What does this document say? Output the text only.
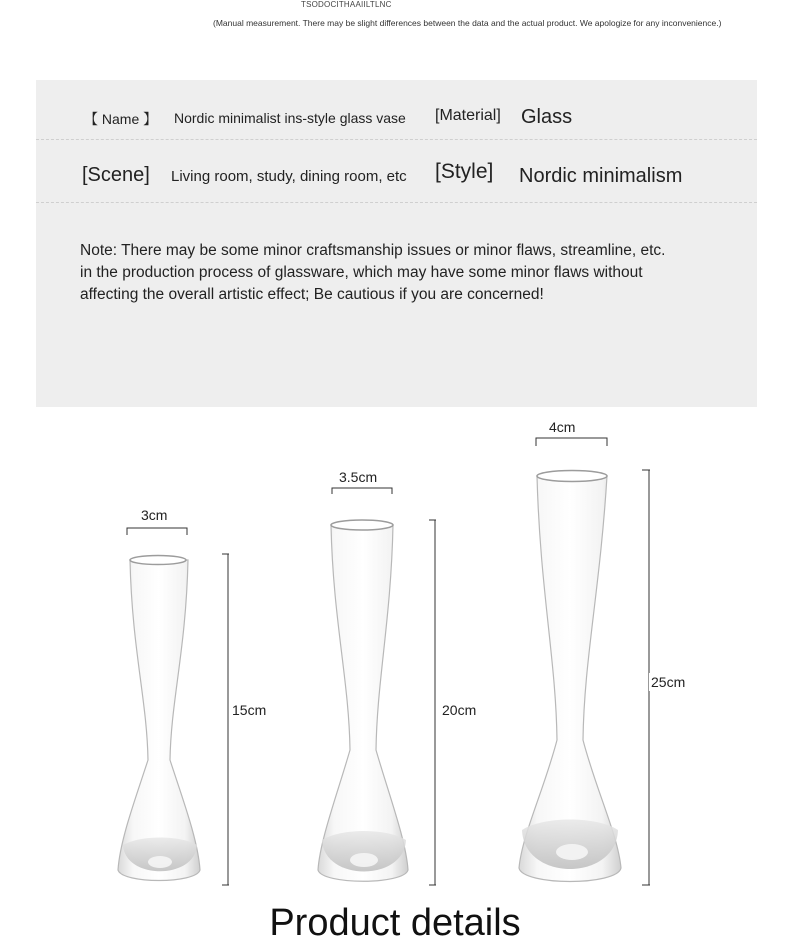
TSODOCITHAAIILTLNC
(Manual measurement. There may be slight differences between the data and the actual product. We apologize for any inconvenience.)
【 Name 】 Nordic minimalist ins-style glass vase [Material] Glass
[Scene] Living room, study, dining room, etc [Style] Nordic minimalism
Note: There may be some minor craftsmanship issues or minor flaws, streamline, etc.
in the production process of glassware, which may have some minor flaws without
affecting the overall artistic effect; Be cautious if you are concerned!
3cm
15cm
3.5cm
20cm
4cm
25cm
Product details
